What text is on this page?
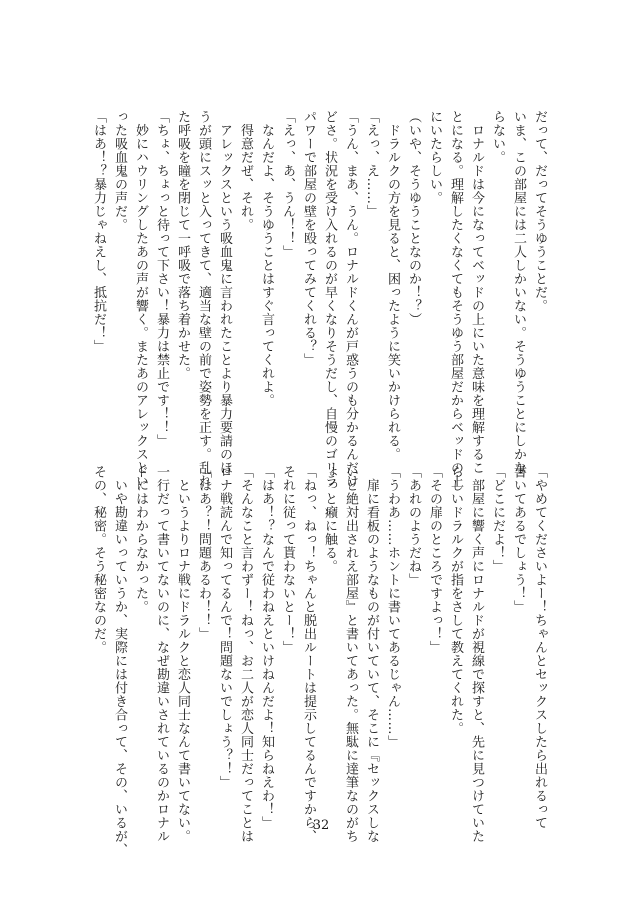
だって、だってそうゆうことだ。
いま、この部屋には二人しかいない。そうゆうことにしかな
らない。
　ロナルドは今になってベッドの上にいた意味を理解するこ
とになる。理解したくなくてもそうゆう部屋だからベッドの上
にいたらしい。
（いや、そうゆうことなのか！？）
　ドラルクの方を見ると、困ったように笑いかけられる。
「えっ、え……」
「うん、まあ、うん。ロナルドくんが戸惑うのも分かるんだけ
どさ。状況を受け入れるのが早くなりそうだし、自慢のゴリラ
パワーで部屋の壁を殴ってみてくれる？」
「えっ、あ、うん！！」
　なんだよ、そうゆうことはすぐ言ってくれよ。
　得意だぜ、それ。
　アレックスという吸血鬼に言われたことより暴力要請のほ
うが頭にスッと入ってきて、適当な壁の前で姿勢を正す。乱れ
た呼吸を瞳を閉じて一呼吸で落ち着かせた。
「ちょ、ちょっと待って下さい！暴力は禁止です！！」
　妙にハウリングしたあの声が響く。またあのアレックスとい
った吸血鬼の声だ。
「はあ！？暴力じゃねえし、抵抗だ！」
「やめてくださいよー！ちゃんとセックスしたら出れるって
書いてあるでしょう！」
「どこにだよ！」
　部屋に響く声にロナルドが視線で探すと、先に見つけていた
らしいドラルクが指をさして教えてくれた。
「その扉のところですよっ！」
「あれのようだね」
「うわあ……ホントに書いてあるじゃん……」
　扉に看板のようなものが付いていて、そこに『セックスしな
いと絶対出されえ部屋』と書いてあった。無駄に達筆なのがち
ょっと癪に触る。
「ねっ、ねっ！ちゃんと脱出ルートは提示してるんですから、
それに従って貰わないとー！」
「はあ！？なんで従わねえといけねんだよ！知らねえわ！」
「そんなこと言わずー！ねっ、お二人が恋人同士だってことは
ロナ戦読んで知ってるんで！問題ないでしょう？！」
「はあ？！問題あるわ！！」
　というよりロナ戦にドラルクと恋人同士なんて書いてない。
一行だって書いてないのに、なぜ勘違いされているのかロナル
ドにはわからなかった。
　いや勘違いっていうか、実際には付き合って、その、いるが、
その、秘密。そう秘密なのだ。
32
